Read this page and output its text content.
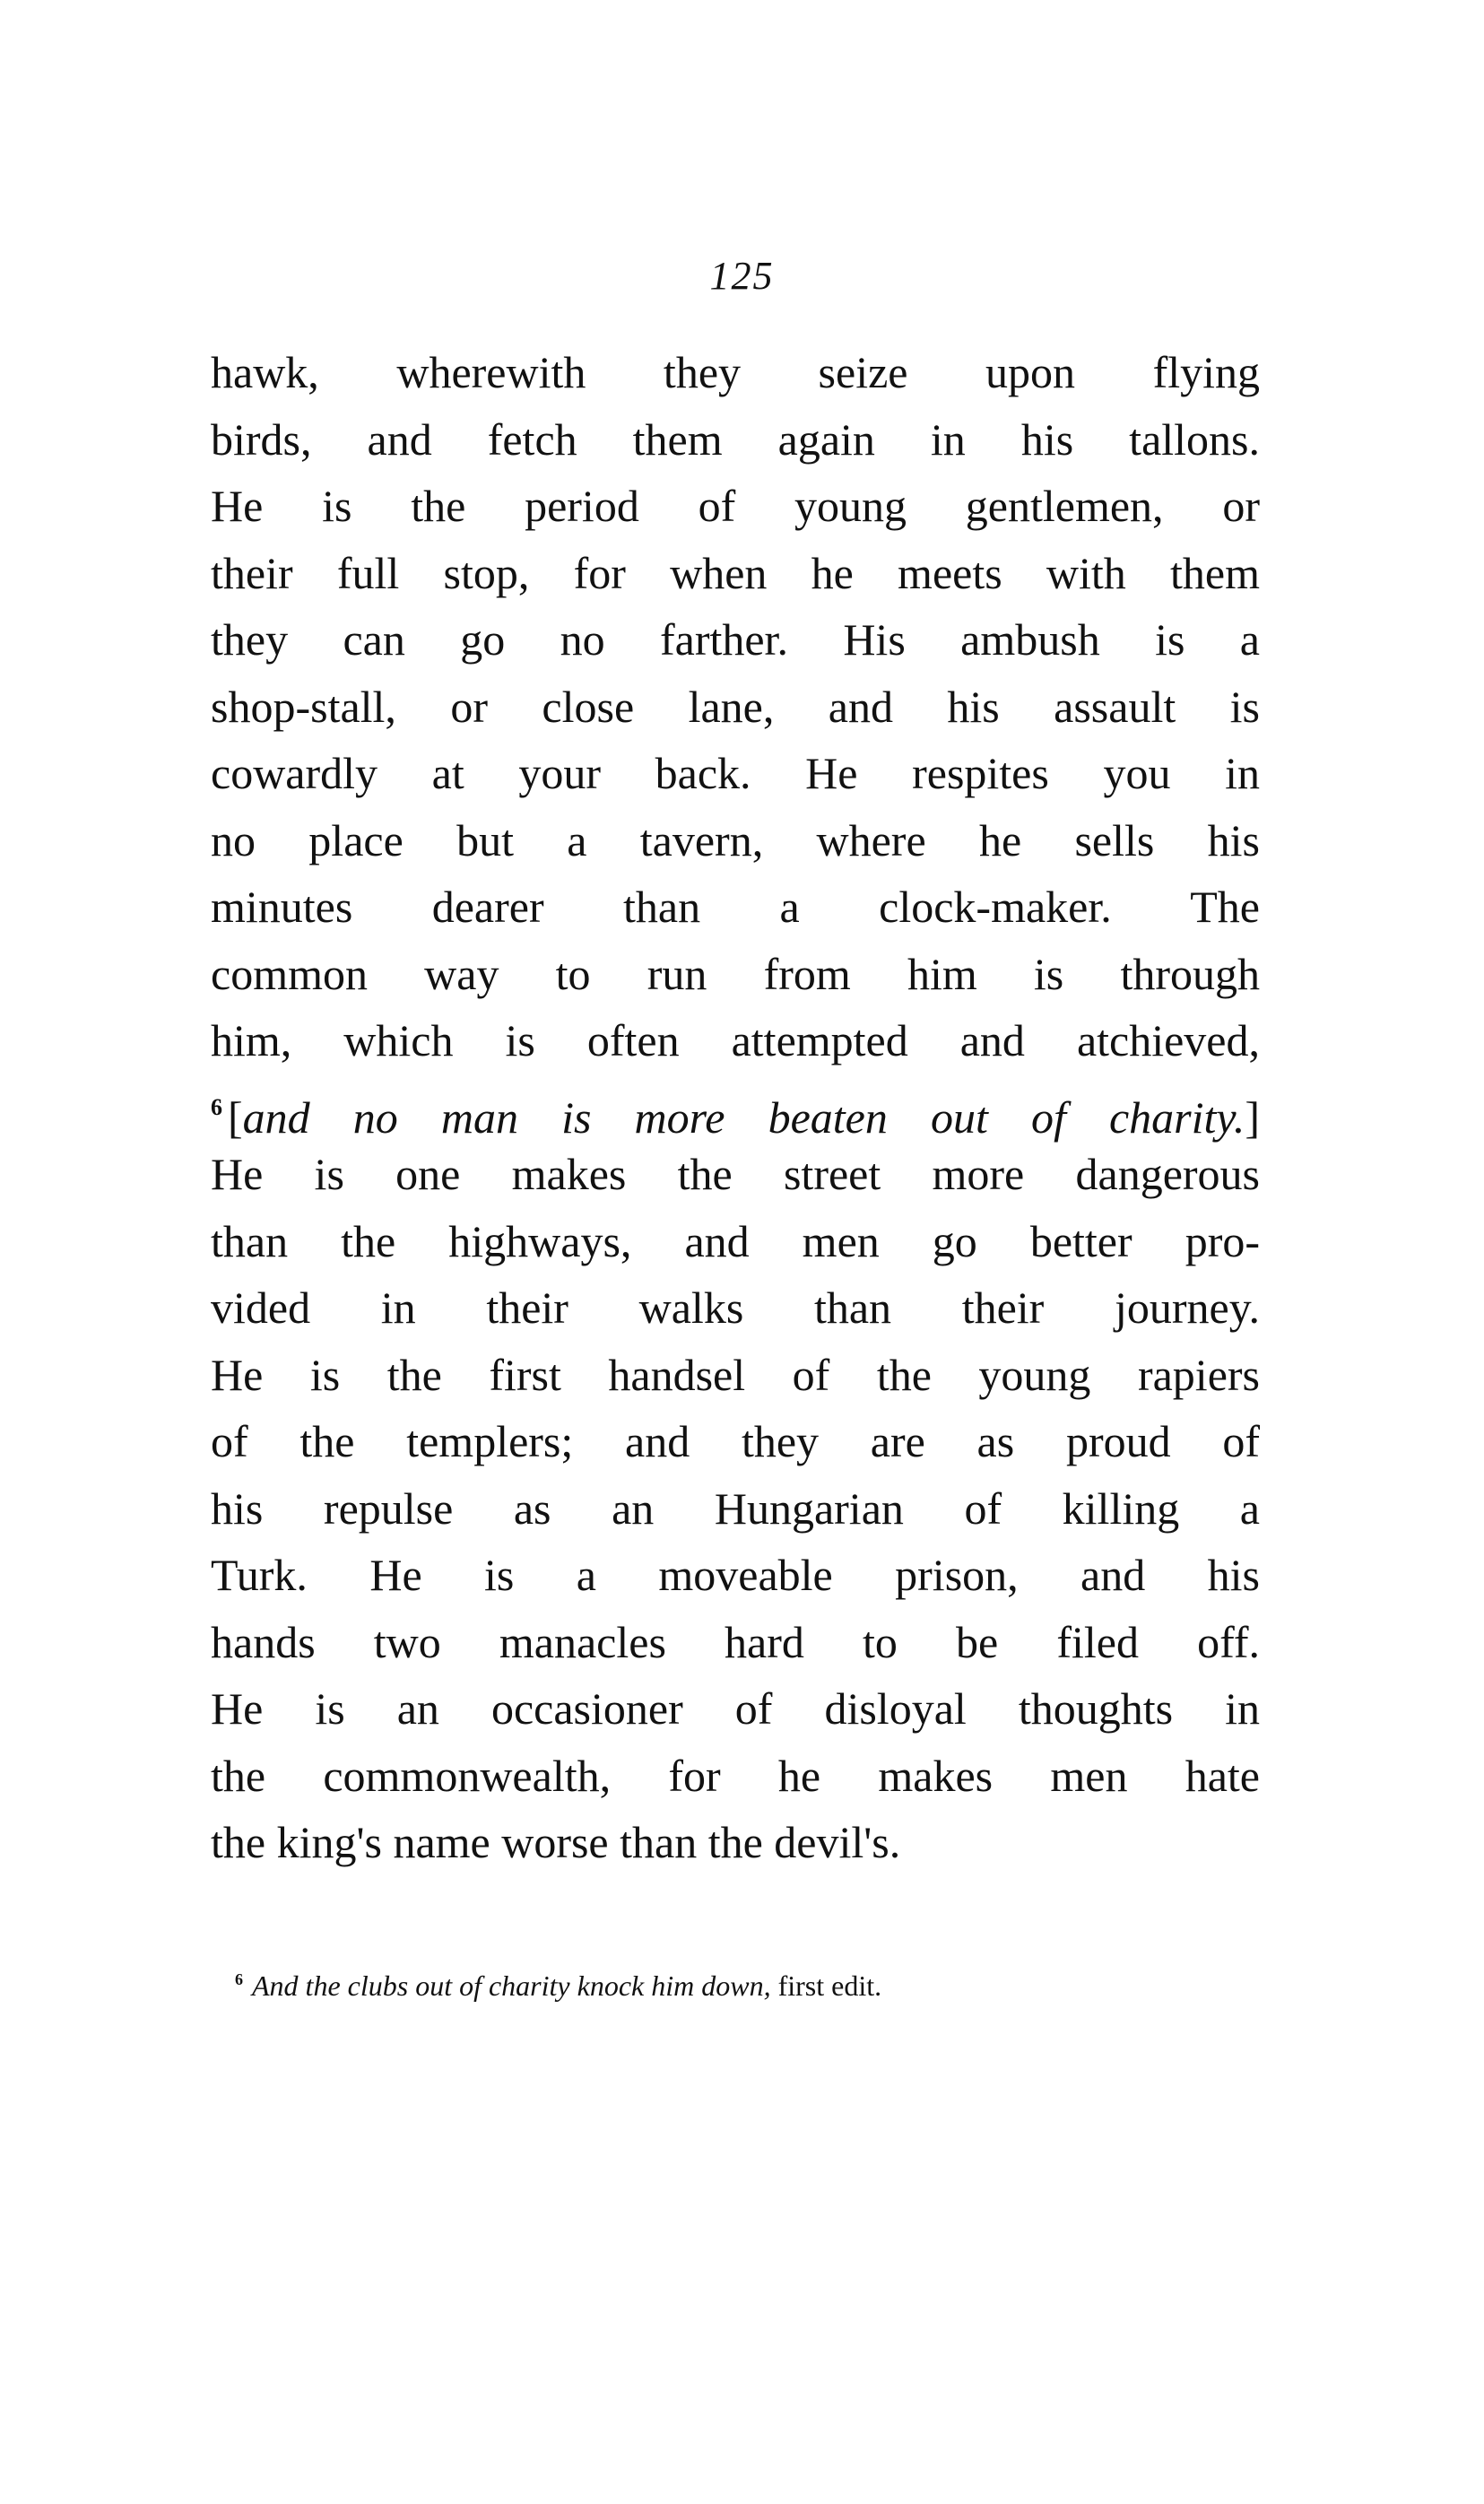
125
hawk, wherewith they seize upon flying
birds, and fetch them again in his tallons.
He is the period of young gentlemen, or
their full stop, for when he meets with them
they can go no farther. His ambush is a
shop-stall, or close lane, and his assault is
cowardly at your back. He respites you in
no place but a tavern, where he sells his
minutes dearer than a clock-maker. The
common way to run from him is through
him, which is often attempted and atchieved,
$^6$ [and no man is more beaten out of charity.]
He is one makes the street more dangerous
than the highways, and men go better pro-
vided in their walks than their journey.
He is the first handsel of the young rapiers
of the templers; and they are as proud of
his repulse as an Hungarian of killing a
Turk. He is a moveable prison, and his
hands two manacles hard to be filed off.
He is an occasioner of disloyal thoughts in
the commonwealth, for he makes men hate
the king's name worse than the devil's.
$^6$ And the clubs out of charity knock him down, first edit.
